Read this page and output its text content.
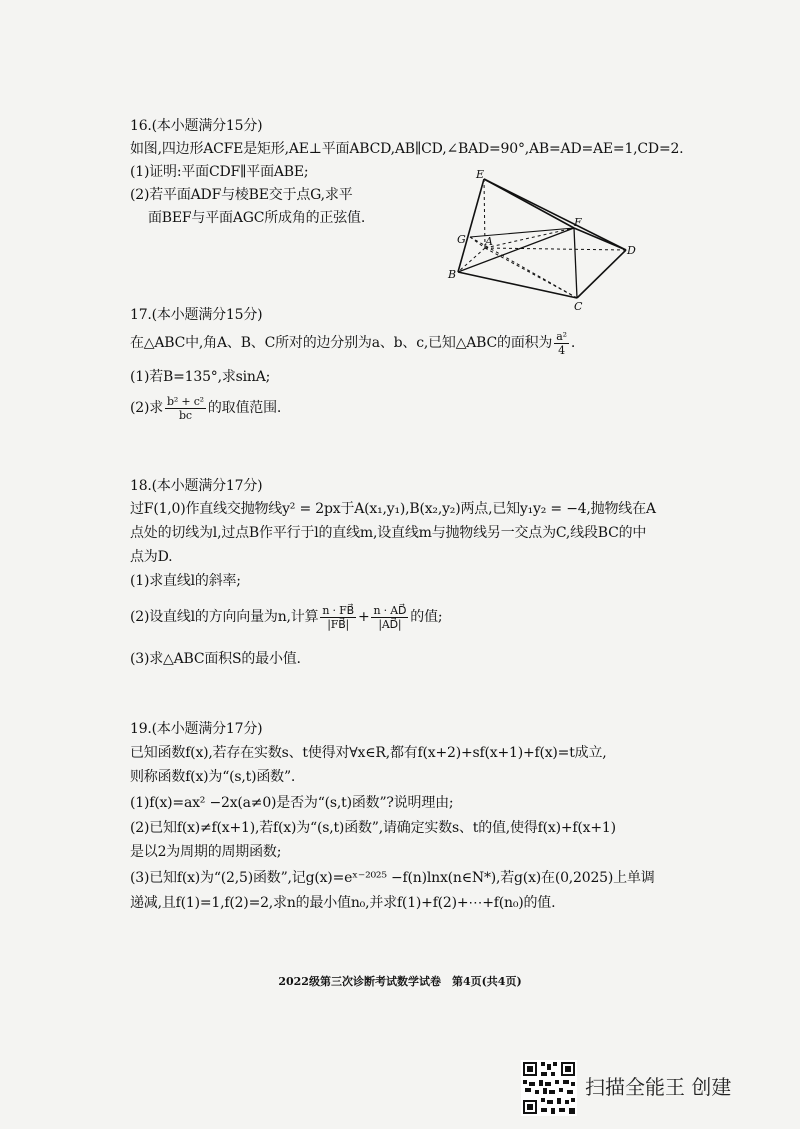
16.(本小题满分15分)
如图,四边形ACFE是矩形,AE⊥平面ABCD,AB∥CD,∠BAD=90°,AB=AD=AE=1,CD=2.
(1)证明:平面CDF∥平面ABE;
(2)若平面ADF与棱BE交于点G,求平
面BEF与平面AGC所成角的正弦值.
E
F
G A
B
C
D
17.(本小题满分15分)
在△ABC中,角A、B、C所对的边分别为a、b、c,已知△ABC的面积为 $\frac{\text{a²}}{4}$ .
(1)若B=135°,求sinA;
(2)求 $\frac{\text{b² + c²}}{bc}$ 的取值范围.
18.(本小题满分17分)
过F(1,0)作直线交抛物线y² = 2px于A(x₁,y₁),B(x₂,y₂)两点,已知y₁y₂ = −4,抛物线在A
点处的切线为l,过点B作平行于l的直线m,设直线m与抛物线另一交点为C,线段BC的中
点为D.
(1)求直线l的斜率;
(2)设直线l的方向向量为n,计算 $\frac{n \cdot FB⃗}{|FB⃗|} + \frac{n \cdot AD⃗}{|AD⃗|}$ 的值;
(3)求△ABC面积S的最小值.
19.(本小题满分17分)
已知函数f(x),若存在实数s、t使得对∀x∈R,都有f(x+2)+sf(x+1)+f(x)=t成立,
则称函数f(x)为“(s,t)函数”.
(1)f(x)=ax² −2x(a≠0)是否为“(s,t)函数”?说明理由;
(2)已知f(x)≠f(x+1),若f(x)为“(s,t)函数”,请确定实数s、t的值,使得f(x)+f(x+1)
是以2为周期的周期函数;
(3)已知f(x)为“(2,5)函数”,记g(x)=eˣ⁻²⁰²⁵ −f(n)lnx(n∈N*),若g(x)在(0,2025)上单调
递减,且f(1)=1,f(2)=2,求n的最小值n₀,并求f(1)+f(2)+⋯+f(n₀)的值.
2022级第三次诊断考试数学试卷　第4页(共4页)
扫描全能王 创建
